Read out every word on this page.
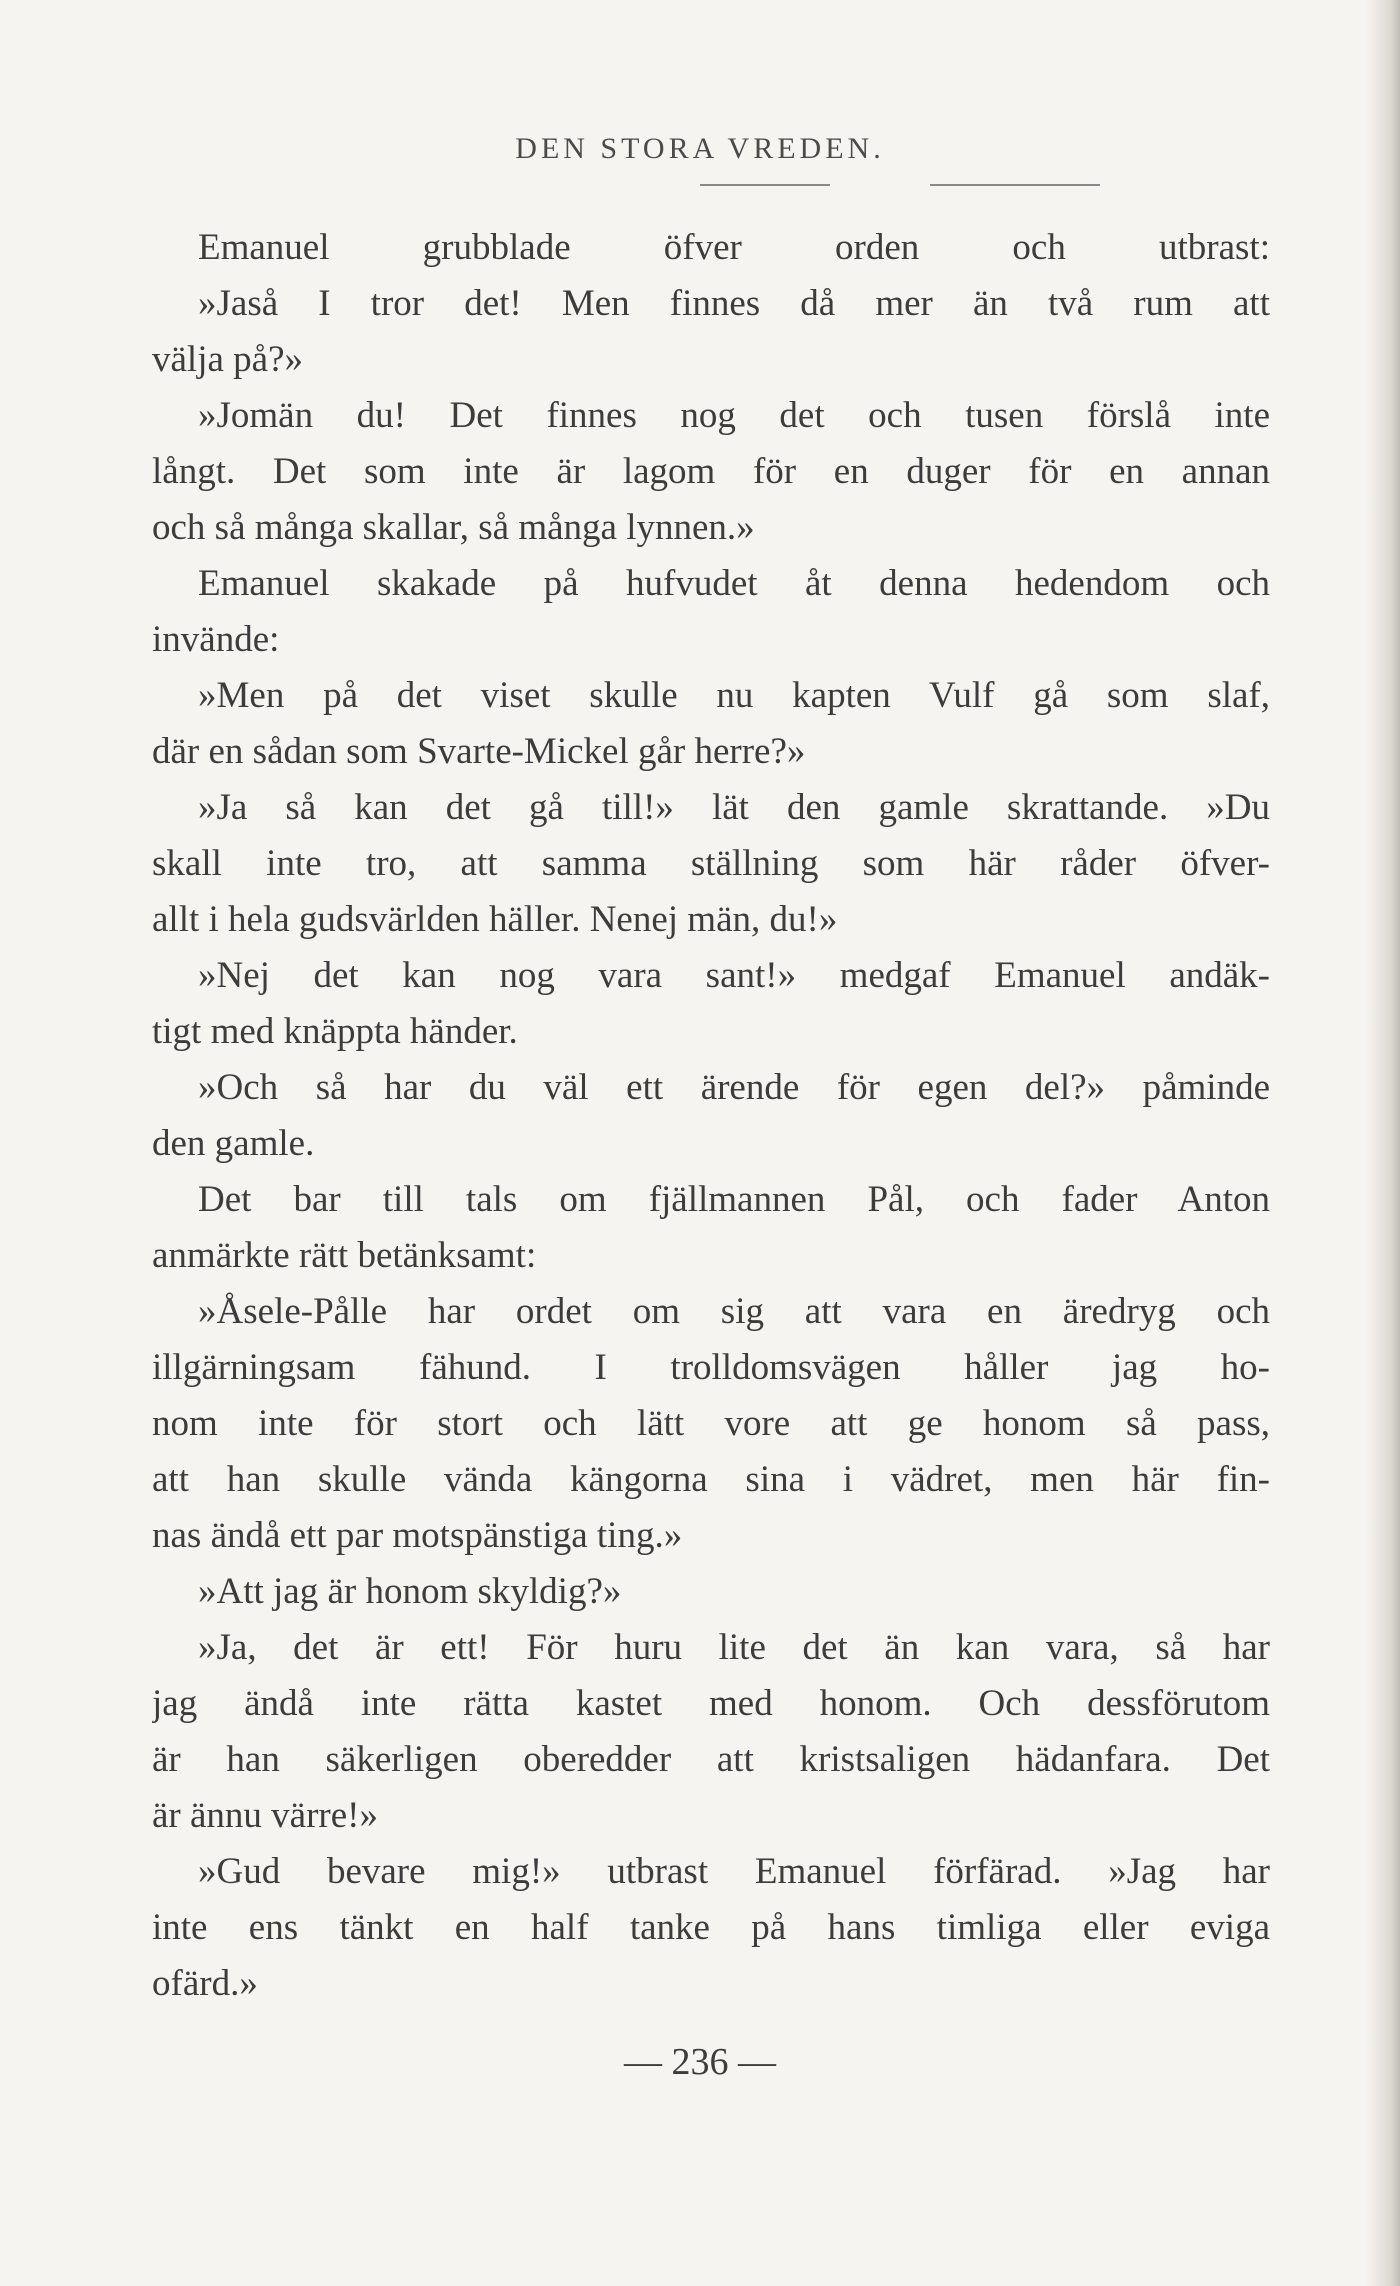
DEN STORA VREDEN.
Emanuel grubblade öfver orden och utbrast:
»Jaså I tror det! Men finnes då mer än två rum att
välja på?»
»Jomän du! Det finnes nog det och tusen förslå inte
långt. Det som inte är lagom för en duger för en annan
och så många skallar, så många lynnen.»
Emanuel skakade på hufvudet åt denna hedendom och
invände:
»Men på det viset skulle nu kapten Vulf gå som slaf,
där en sådan som Svarte-Mickel går herre?»
»Ja så kan det gå till!» lät den gamle skrattande. »Du
skall inte tro, att samma ställning som här råder öfver-
allt i hela gudsvärlden häller. Nenej män, du!»
»Nej det kan nog vara sant!» medgaf Emanuel andäk-
tigt med knäppta händer.
»Och så har du väl ett ärende för egen del?» påminde
den gamle.
Det bar till tals om fjällmannen Pål, och fader Anton
anmärkte rätt betänksamt:
»Åsele-Pålle har ordet om sig att vara en äredryg och
illgärningsam fähund. I trolldomsvägen håller jag ho-
nom inte för stort och lätt vore att ge honom så pass,
att han skulle vända kängorna sina i vädret, men här fin-
nas ändå ett par motspänstiga ting.»
»Att jag är honom skyldig?»
»Ja, det är ett! För huru lite det än kan vara, så har
jag ändå inte rätta kastet med honom. Och dessförutom
är han säkerligen oberedder att kristsaligen hädanfara. Det
är ännu värre!»
»Gud bevare mig!» utbrast Emanuel förfärad. »Jag har
inte ens tänkt en half tanke på hans timliga eller eviga
ofärd.»
— 236 —
